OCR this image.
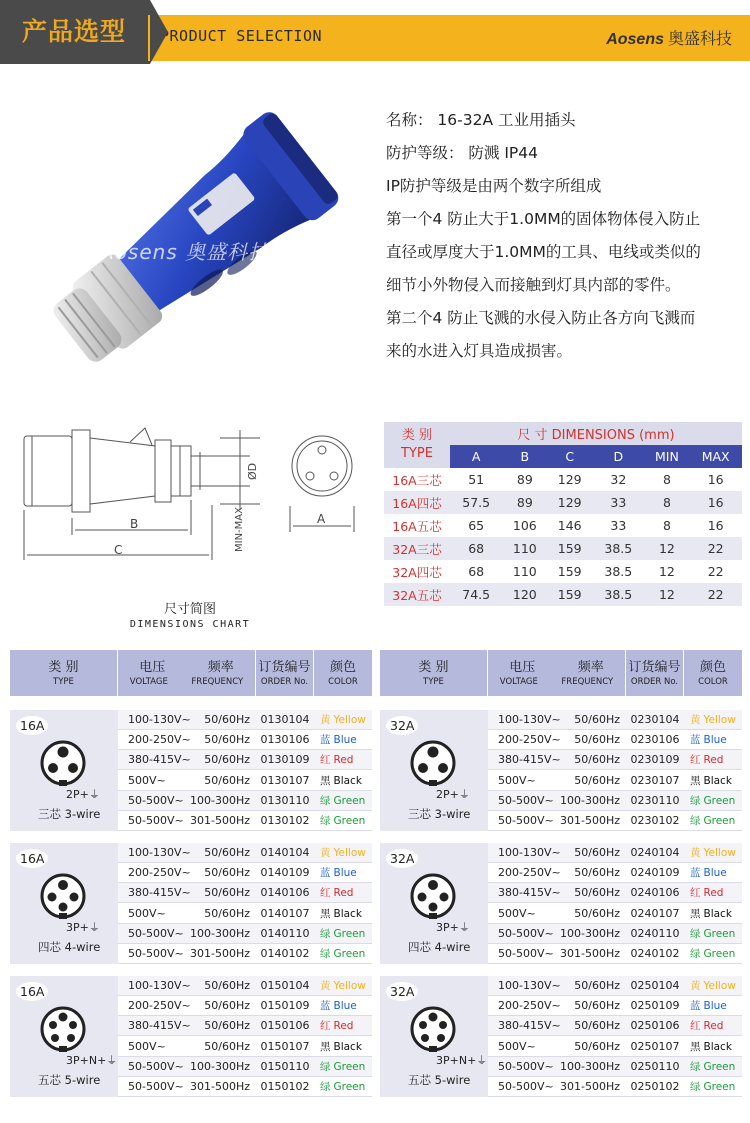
产品选型 PRODUCT SELECTION	Aosens 奥盛科技
Aosens 奥盛科技
名称： 16-32A 工业用插头
防护等级： 防溅 IP44
IP防护等级是由两个数字所组成
第一个4 防止大于1.0MM的固体物体侵入防止
直径或厚度大于1.0MM的工具、电线或类似的
细节小外物侵入而接触到灯具内部的零件。
第二个4 防止飞溅的水侵入防止各方向飞溅而
来的水进入灯具造成损害。
B
C
A
ØD
MIN-MAX
尺寸简图
DIMENSIONS CHART
类 别
TYPE	尺 寸 DIMENSIONS (mm)					
	A	B	C	D	MIN	MAX
16A三芯	51	89	129	32	8	16
16A四芯	57.5	89	129	33	8	16
16A五芯	65	106	146	33	8	16
32A三芯	68	110	159	38.5	12	22
32A四芯	68	110	159	38.5	12	22
32A五芯	74.5	120	159	38.5	12	22
类 别
TYPE
电压	频率
VOLTAGE	FREQUENCY
订货编号
ORDER No.
颜色
COLOR
16A
2P+⏚
三芯 3-wire
100-130V~ 50/60Hz 0130104	黄 Yellow
200-250V~ 50/60Hz 0130106	蓝 Blue
380-415V~ 50/60Hz 0130109	红 Red
500V~	50/60Hz 0130107	黑 Black
50-500V~ 100-300Hz 0130110	绿 Green
50-500V~ 301-500Hz 0130102	绿 Green
16A
3P+⏚
四芯 4-wire
100-130V~ 50/60Hz 0140104	黄 Yellow
200-250V~ 50/60Hz 0140109	蓝 Blue
380-415V~ 50/60Hz 0140106	红 Red
500V~	50/60Hz 0140107	黑 Black
50-500V~ 100-300Hz 0140110	绿 Green
50-500V~ 301-500Hz 0140102	绿 Green
16A
3P+N+⏚
五芯 5-wire
100-130V~ 50/60Hz 0150104	黄 Yellow
200-250V~ 50/60Hz 0150109	蓝 Blue
380-415V~ 50/60Hz 0150106	红 Red
500V~	50/60Hz 0150107	黑 Black
50-500V~ 100-300Hz 0150110	绿 Green
50-500V~ 301-500Hz 0150102	绿 Green
类 别
TYPE
电压	频率
VOLTAGE	FREQUENCY
订货编号
ORDER No.
颜色
COLOR
32A
2P+⏚
三芯 3-wire
100-130V~ 50/60Hz 0230104	黄 Yellow
200-250V~ 50/60Hz 0230106	蓝 Blue
380-415V~ 50/60Hz 0230109	红 Red
500V~	50/60Hz 0230107	黑 Black
50-500V~ 100-300Hz 0230110	绿 Green
50-500V~ 301-500Hz 0230102	绿 Green
32A
3P+⏚
四芯 4-wire
100-130V~ 50/60Hz 0240104	黄 Yellow
200-250V~ 50/60Hz 0240109	蓝 Blue
380-415V~ 50/60Hz 0240106	红 Red
500V~	50/60Hz 0240107	黑 Black
50-500V~ 100-300Hz 0240110	绿 Green
50-500V~ 301-500Hz 0240102	绿 Green
32A
3P+N+⏚
五芯 5-wire
100-130V~ 50/60Hz 0250104	黄 Yellow
200-250V~ 50/60Hz 0250109	蓝 Blue
380-415V~ 50/60Hz 0250106	红 Red
500V~	50/60Hz 0250107	黑 Black
50-500V~ 100-300Hz 0250110	绿 Green
50-500V~ 301-500Hz 0250102	绿 Green
